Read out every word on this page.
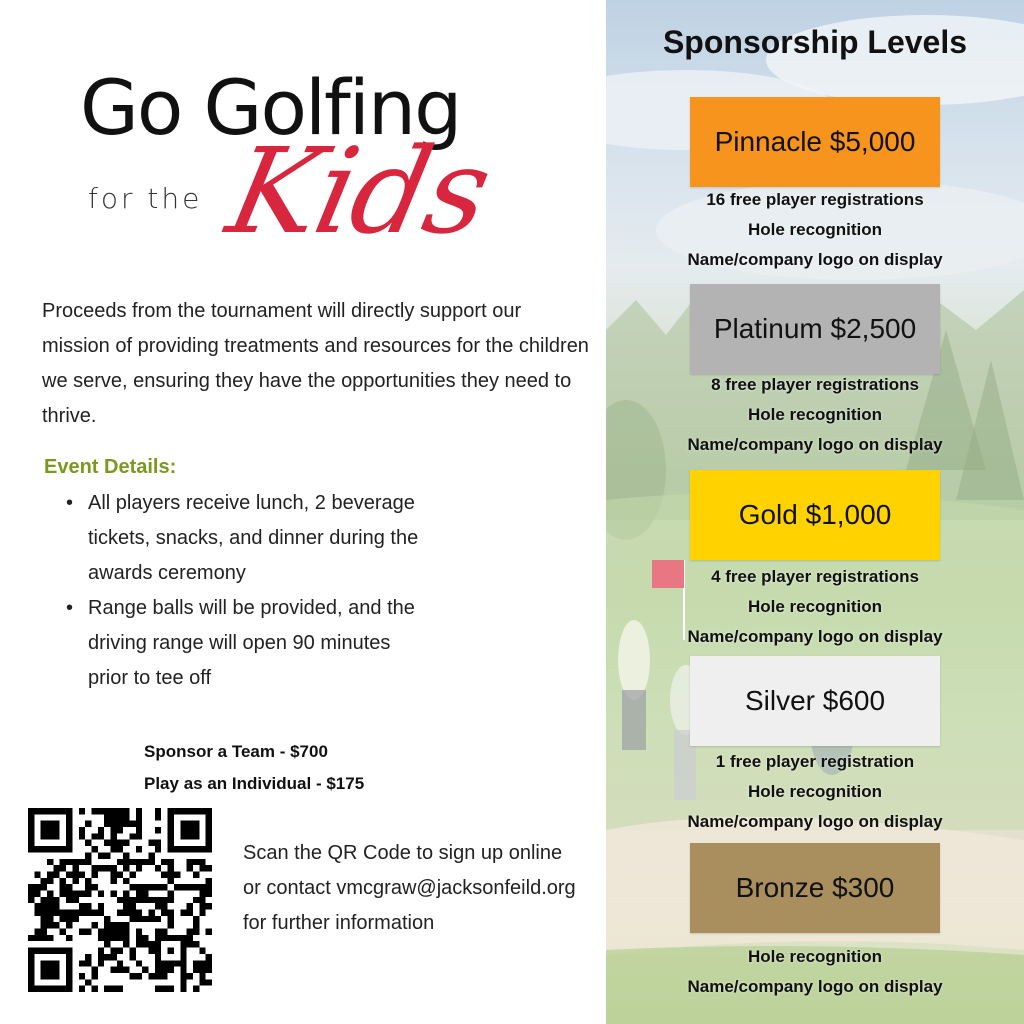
Go Golfing
for the Kids

Proceeds from the tournament will directly support our mission of providing treatments and resources for the children we serve, ensuring they have the opportunities they need to thrive.

Event Details:
• All players receive lunch, 2 beverage tickets, snacks, and dinner during the awards ceremony
• Range balls will be provided, and the driving range will open 90 minutes prior to tee off
Sponsor a Team - $700
Play as an Individual - $175

Scan the QR Code to sign up online or contact vmcgraw@jacksonfeild.org for further information

Sponsorship Levels
Pinnacle $5,000
16 free player registrations
Hole recognition
Name/company logo on display
Platinum $2,500
8 free player registrations
Hole recognition
Name/company logo on display
Gold $1,000
4 free player registrations
Hole recognition
Name/company logo on display
Silver $600
1 free player registration
Hole recognition
Name/company logo on display
Bronze $300
Hole recognition
Name/company logo on display
